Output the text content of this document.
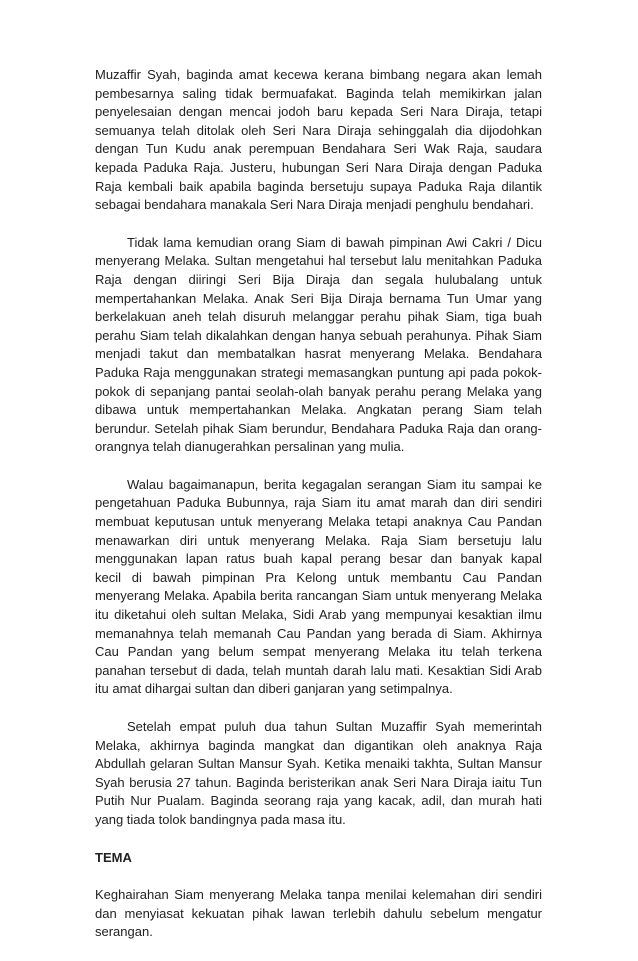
Muzaffir Syah, baginda amat kecewa kerana bimbang negara akan lemah
pembesarnya saling tidak bermuafakat. Baginda telah memikirkan jalan
penyelesaian dengan mencai jodoh baru kepada Seri Nara Diraja, tetapi
semuanya telah ditolak oleh Seri Nara Diraja sehinggalah dia dijodohkan
dengan Tun Kudu anak perempuan Bendahara Seri Wak Raja, saudara
kepada Paduka Raja. Justeru, hubungan Seri Nara Diraja dengan Paduka
Raja kembali baik apabila baginda bersetuju supaya Paduka Raja dilantik
sebagai bendahara manakala Seri Nara Diraja menjadi penghulu bendahari.
Tidak lama kemudian orang Siam di bawah pimpinan Awi Cakri / Dicu
menyerang Melaka. Sultan mengetahui hal tersebut lalu menitahkan Paduka
Raja dengan diiringi Seri Bija Diraja dan segala hulubalang untuk
mempertahankan Melaka. Anak Seri Bija Diraja bernama Tun Umar yang
berkelakuan aneh telah disuruh melanggar perahu pihak Siam, tiga buah
perahu Siam telah dikalahkan dengan hanya sebuah perahunya. Pihak Siam
menjadi takut dan membatalkan hasrat menyerang Melaka. Bendahara
Paduka Raja menggunakan strategi memasangkan puntung api pada pokok-
pokok di sepanjang pantai seolah-olah banyak perahu perang Melaka yang
dibawa untuk mempertahankan Melaka. Angkatan perang Siam telah
berundur. Setelah pihak Siam berundur, Bendahara Paduka Raja dan orang-
orangnya telah dianugerahkan persalinan yang mulia.
Walau bagaimanapun, berita kegagalan serangan Siam itu sampai ke
pengetahuan Paduka Bubunnya, raja Siam itu amat marah dan diri sendiri
membuat keputusan untuk menyerang Melaka tetapi anaknya Cau Pandan
menawarkan diri untuk menyerang Melaka. Raja Siam bersetuju lalu
menggunakan lapan ratus buah kapal perang besar dan banyak kapal
kecil di bawah pimpinan Pra Kelong untuk membantu Cau Pandan
menyerang Melaka. Apabila berita rancangan Siam untuk menyerang Melaka
itu diketahui oleh sultan Melaka, Sidi Arab yang mempunyai kesaktian ilmu
memanahnya telah memanah Cau Pandan yang berada di Siam. Akhirnya
Cau Pandan yang belum sempat menyerang Melaka itu telah terkena
panahan tersebut di dada, telah muntah darah lalu mati. Kesaktian Sidi Arab
itu amat dihargai sultan dan diberi ganjaran yang setimpalnya.
Setelah empat puluh dua tahun Sultan Muzaffir Syah memerintah
Melaka, akhirnya baginda mangkat dan digantikan oleh anaknya Raja
Abdullah gelaran Sultan Mansur Syah. Ketika menaiki takhta, Sultan Mansur
Syah berusia 27 tahun. Baginda beristerikan anak Seri Nara Diraja iaitu Tun
Putih Nur Pualam. Baginda seorang raja yang kacak, adil, dan murah hati
yang tiada tolok bandingnya pada masa itu.
TEMA
Keghairahan Siam menyerang Melaka tanpa menilai kelemahan diri sendiri
dan menyiasat kekuatan pihak lawan terlebih dahulu sebelum mengatur
serangan.
